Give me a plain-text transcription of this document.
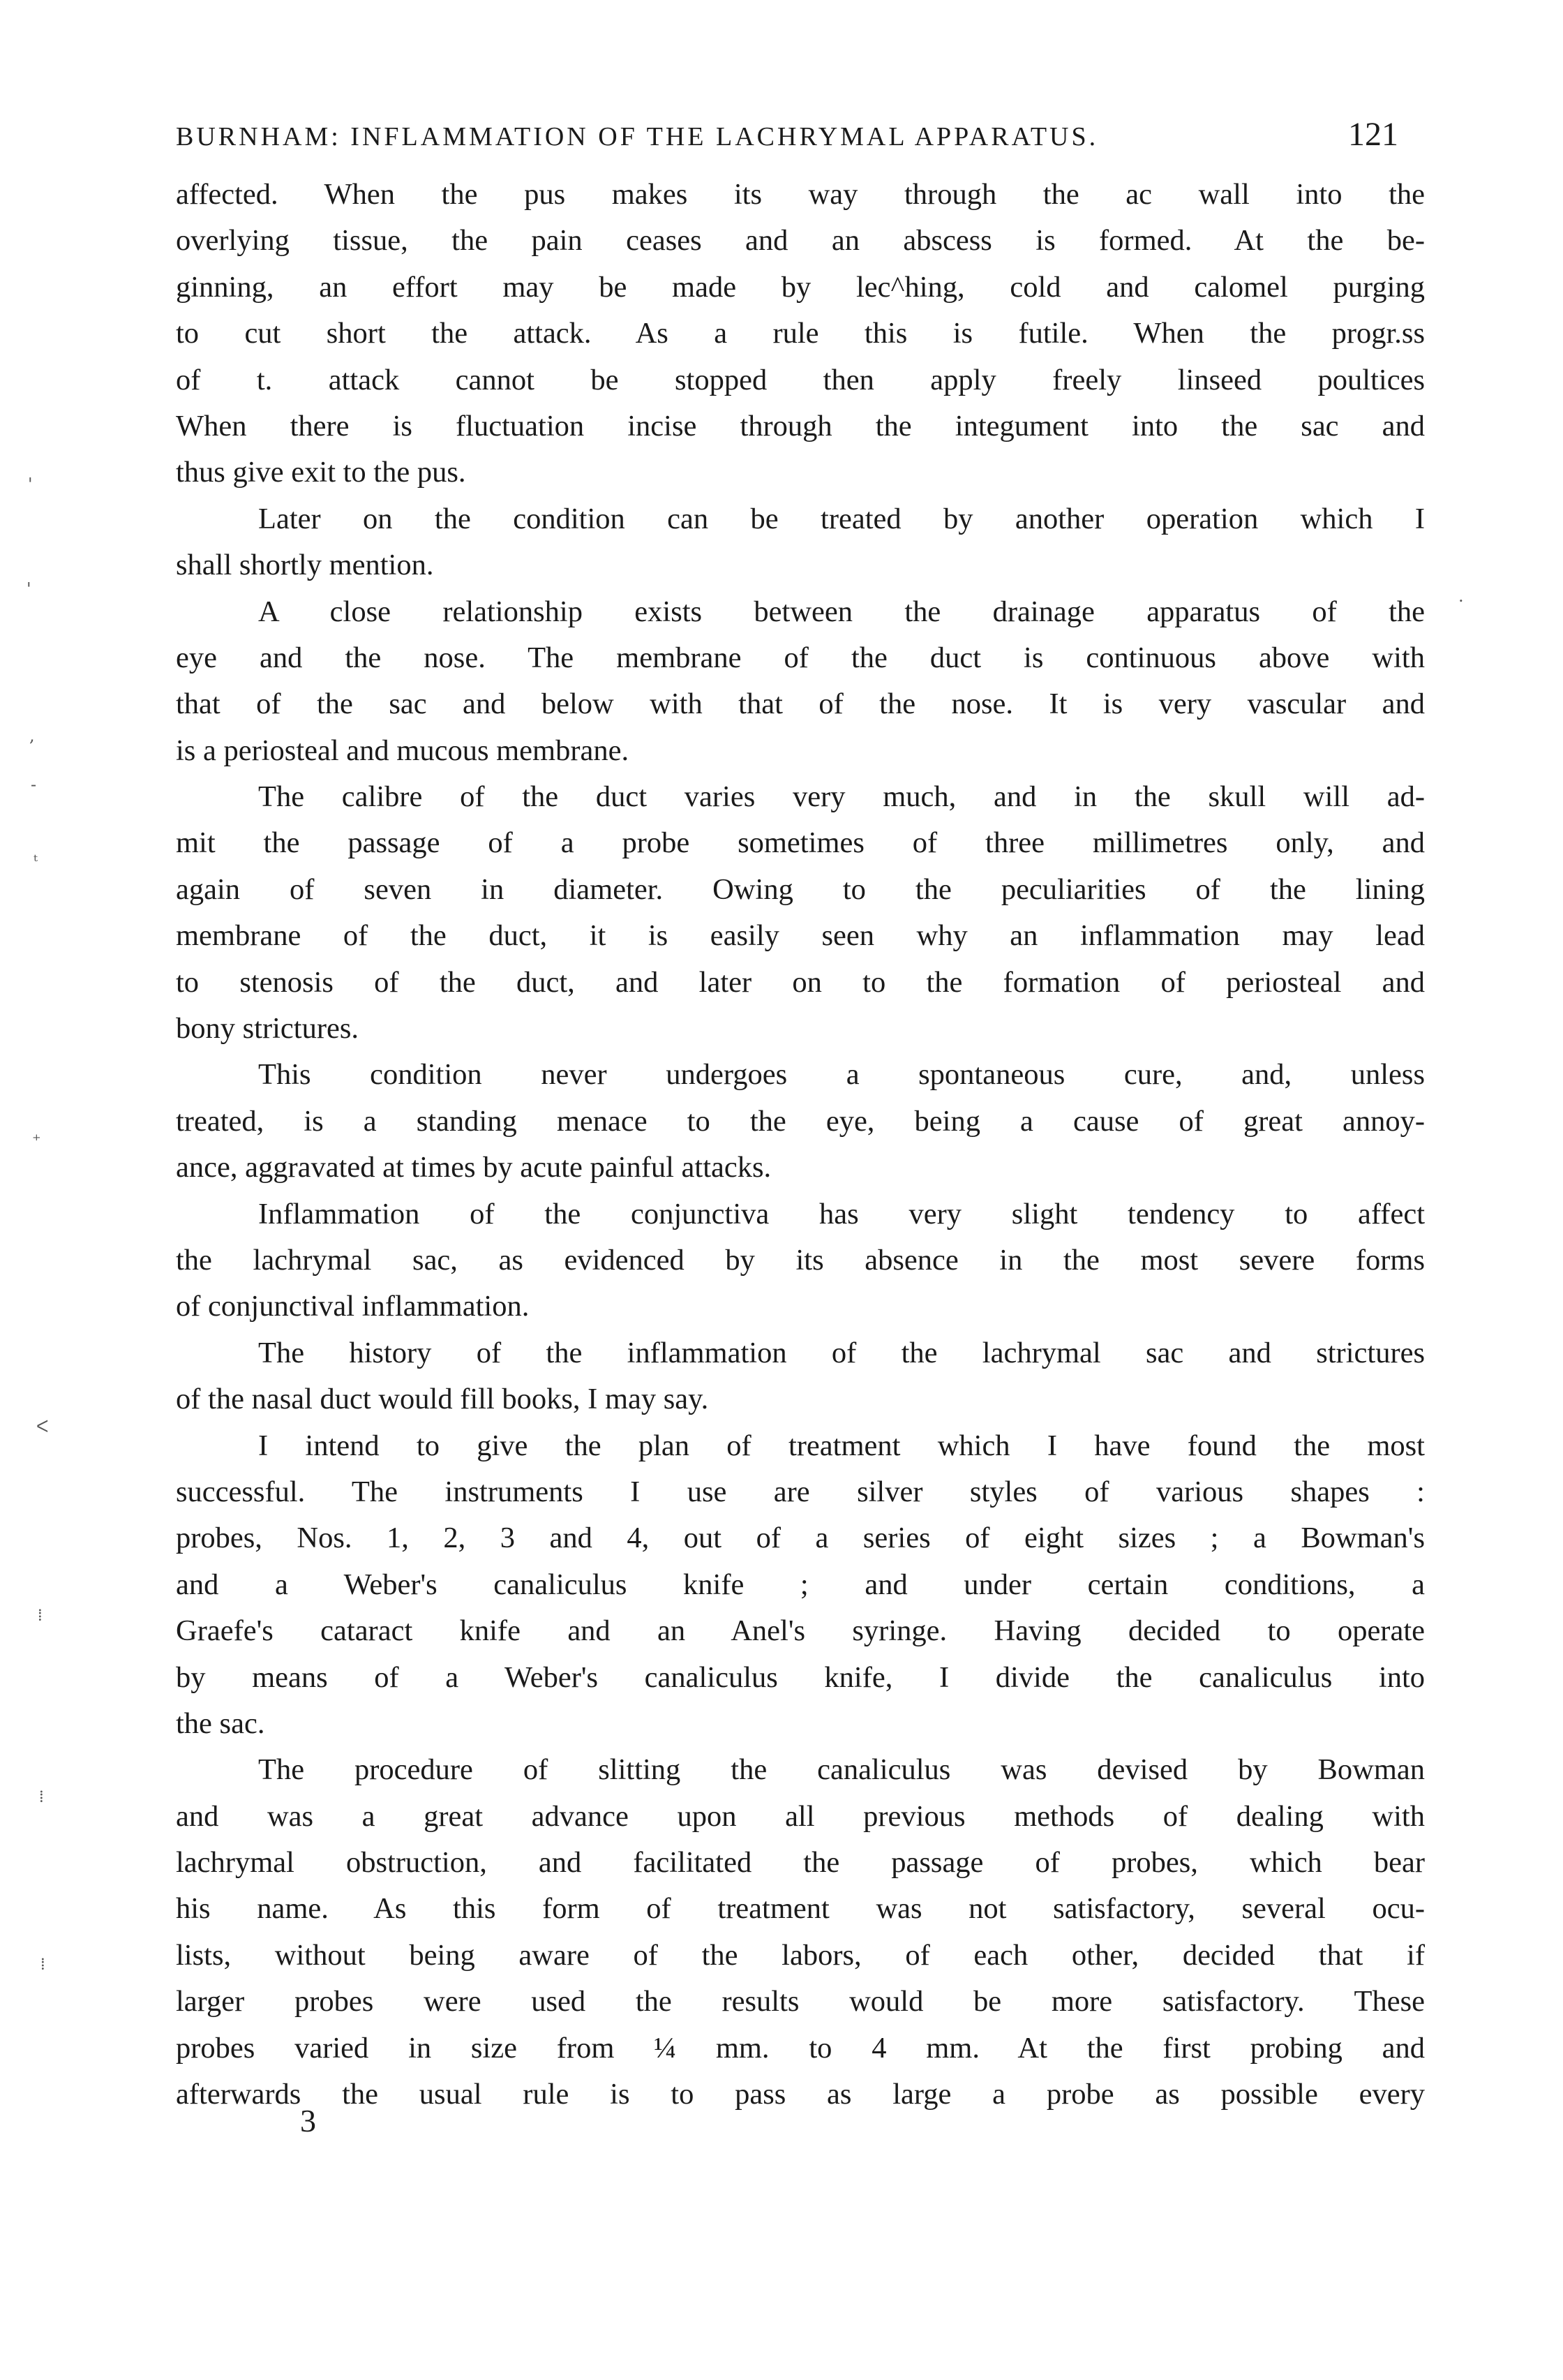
BURNHAM: INFLAMMATION OF THE LACHRYMAL APPARATUS.	121
affected. When the pus makes its way through the ac wall into the
overlying tissue, the pain ceases and an abscess is formed. At the be-
ginning, an effort may be made by lec^hing, cold and calomel purging
to cut short the attack. As a rule this is futile. When the progr.ss
of t. attack cannot be stopped then apply freely linseed poultices
When there is fluctuation incise through the integument into the sac and
thus give exit to the pus.
Later on the condition can be treated by another operation which I
shall shortly mention.
A close relationship exists between the drainage apparatus of the
eye and the nose. The membrane of the duct is continuous above with
that of the sac and below with that of the nose. It is very vascular and
is a periosteal and mucous membrane.
The calibre of the duct varies very much, and in the skull will ad-
mit the passage of a probe sometimes of three millimetres only, and
again of seven in diameter. Owing to the peculiarities of the lining
membrane of the duct, it is easily seen why an inflammation may lead
to stenosis of the duct, and later on to the formation of periosteal and
bony strictures.
This condition never undergoes a spontaneous cure, and, unless
treated, is a standing menace to the eye, being a cause of great annoy-
ance, aggravated at times by acute painful attacks.
Inflammation of the conjunctiva has very slight tendency to affect
the lachrymal sac, as evidenced by its absence in the most severe forms
of conjunctival inflammation.
The history of the inflammation of the lachrymal sac and strictures
of the nasal duct would fill books, I may say.
I intend to give the plan of treatment which I have found the most
successful. The instruments I use are silver styles of various shapes :
probes, Nos. 1, 2, 3 and 4, out of a series of eight sizes ; a Bowman's
and a Weber's canaliculus knife ; and under certain conditions, a
Graefe's cataract knife and an Anel's syringe. Having decided to operate
by means of a Weber's canaliculus knife, I divide the canaliculus into
the sac.
The procedure of slitting the canaliculus was devised by Bowman
and was a great advance upon all previous methods of dealing with
lachrymal obstruction, and facilitated the passage of probes, which bear
his name. As this form of treatment was not satisfactory, several ocu-
lists, without being aware of the labors, of each other, decided that if
larger probes were used the results would be more satisfactory. These
probes varied in size from ¼ mm. to 4 mm. At the first probing and
afterwards the usual rule is to pass as large a probe as possible every
3
'
'
,
-
ᵗ
⁺
ᐸ
⁞
⁞
⁞
.
